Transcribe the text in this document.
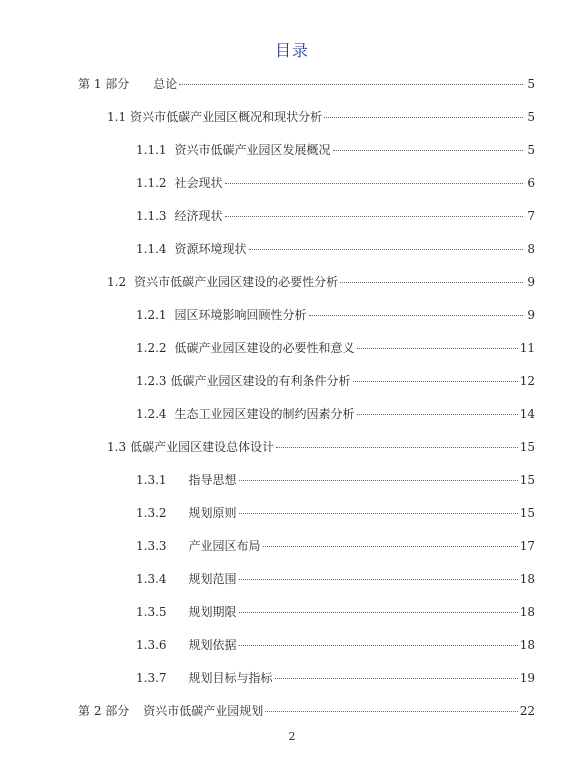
目录
第 1 部分 总论	5
1.1 资兴市低碳产业园区概况和现状分析	5
1.1.1 资兴市低碳产业园区发展概况	5
1.1.2 社会现状	6
1.1.3 经济现状	7
1.1.4 资源环境现状	8
1.2 资兴市低碳产业园区建设的必要性分析	9
1.2.1 园区环境影响回顾性分析	9
1.2.2 低碳产业园区建设的必要性和意义	11
1.2.3 低碳产业园区建设的有利条件分析	12
1.2.4 生态工业园区建设的制约因素分析	14
1.3 低碳产业园区建设总体设计	15
1.3.1 指导思想	15
1.3.2 规划原则	15
1.3.3 产业园区布局	17
1.3.4 规划范围	18
1.3.5 规划期限	18
1.3.6 规划依据	18
1.3.7 规划目标与指标	19
第 2 部分 资兴市低碳产业园规划	22
2
